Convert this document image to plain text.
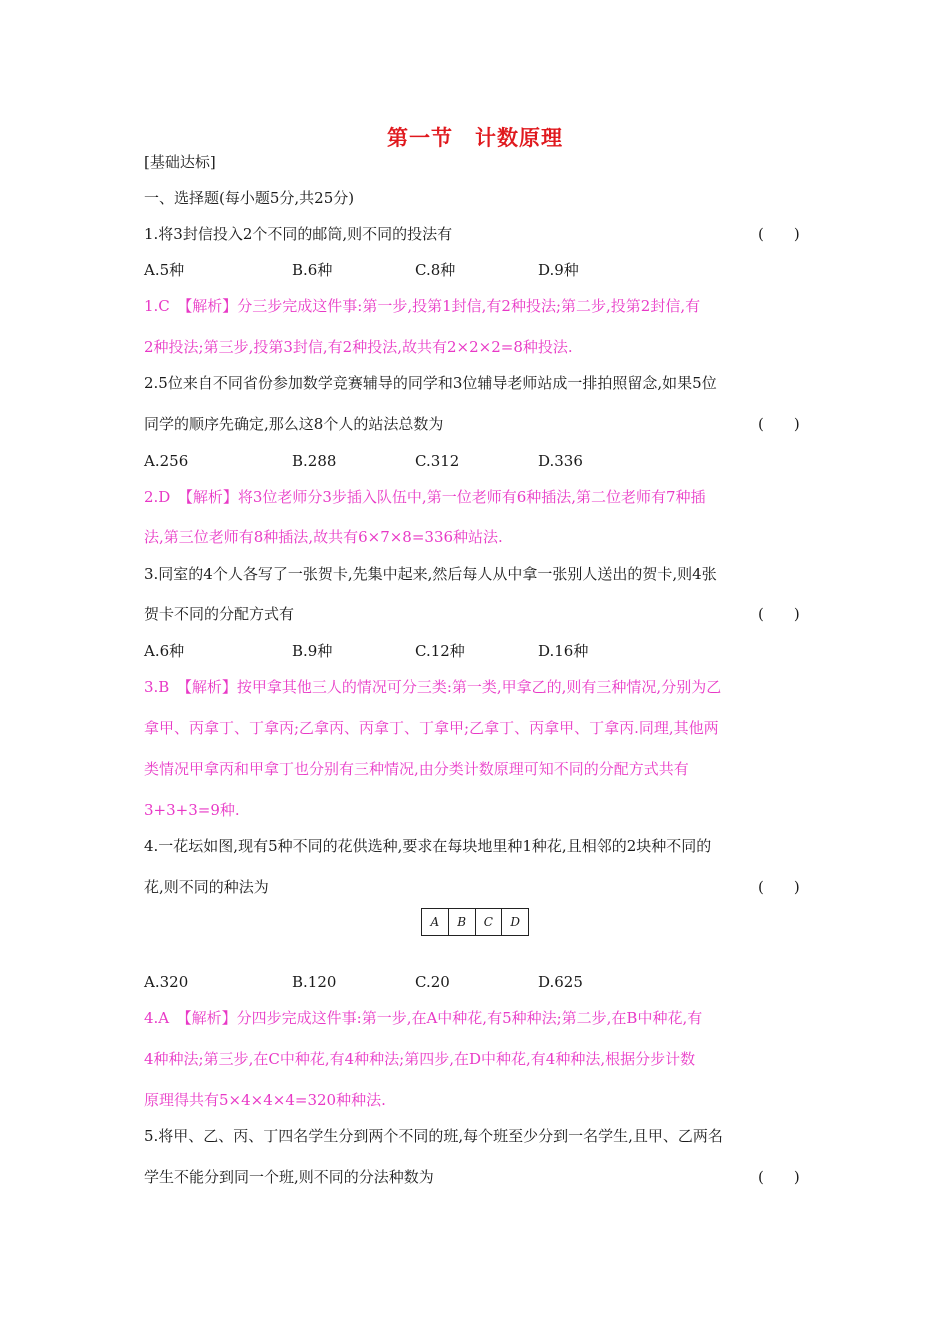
第一节　计数原理
[基础达标]
一、选择题(每小题5分,共25分)
1.将3封信投入2个不同的邮筒,则不同的投法有	(　　)
A.5种	B.6种	C.8种	D.9种
1.C　【解析】分三步完成这件事:第一步,投第1封信,有2种投法;第二步,投第2封信,有
2种投法;第三步,投第3封信,有2种投法,故共有2×2×2=8种投法.
2.5位来自不同省份参加数学竞赛辅导的同学和3位辅导老师站成一排拍照留念,如果5位
同学的顺序先确定,那么这8个人的站法总数为	(　　)
A.256	B.288	C.312	D.336
2.D　【解析】将3位老师分3步插入队伍中,第一位老师有6种插法,第二位老师有7种插
法,第三位老师有8种插法,故共有6×7×8=336种站法.
3.同室的4个人各写了一张贺卡,先集中起来,然后每人从中拿一张别人送出的贺卡,则4张
贺卡不同的分配方式有	(　　)
A.6种	B.9种	C.12种	D.16种
3.B　【解析】按甲拿其他三人的情况可分三类:第一类,甲拿乙的,则有三种情况,分别为乙
拿甲、丙拿丁、丁拿丙;乙拿丙、丙拿丁、丁拿甲;乙拿丁、丙拿甲、丁拿丙.同理,其他两
类情况甲拿丙和甲拿丁也分别有三种情况,由分类计数原理可知不同的分配方式共有
3+3+3=9种.
4.一花坛如图,现有5种不同的花供选种,要求在每块地里种1种花,且相邻的2块种不同的
花,则不同的种法为	(　　)
A	B	C	D
A.320	B.120	C.20	D.625
4.A　【解析】分四步完成这件事:第一步,在A中种花,有5种种法;第二步,在B中种花,有
4种种法;第三步,在C中种花,有4种种法;第四步,在D中种花,有4种种法,根据分步计数
原理得共有5×4×4×4=320种种法.
5.将甲、乙、丙、丁四名学生分到两个不同的班,每个班至少分到一名学生,且甲、乙两名
学生不能分到同一个班,则不同的分法种数为	(　　)
